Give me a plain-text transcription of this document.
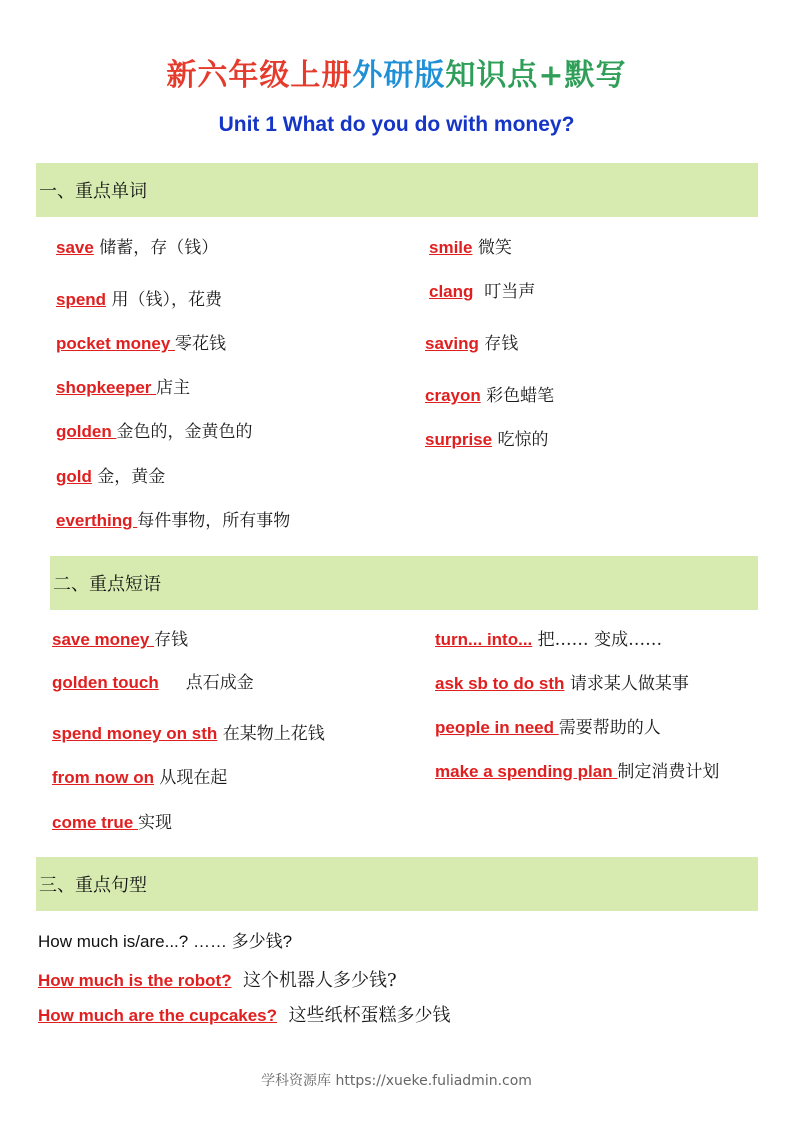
新六年级上册外研版知识点+默写
Unit 1 What do you do with money?
一、重点单词
save 储蓄，存（钱）
spend 用（钱），花费
pocket money 零花钱
shopkeeper 店主
golden 金色的，金黄色的
gold 金，黄金
everthing 每件事物，所有事物
smile 微笑
clang 叮当声
saving 存钱
crayon 彩色蜡笔
surprise 吃惊的
二、重点短语
save money 存钱
golden touch 点石成金
spend money on sth 在某物上花钱
from now on 从现在起
come true 实现
turn... into... 把…… 变成……
ask sb to do sth 请求某人做某事
people in need 需要帮助的人
make a spending plan 制定消费计划
三、重点句型
How much is/are...? …… 多少钱?
How much is the robot? 这个机器人多少钱?
How much are the cupcakes? 这些纸杯蛋糕多少钱
学科资源库 https://xueke.fuliadmin.com
